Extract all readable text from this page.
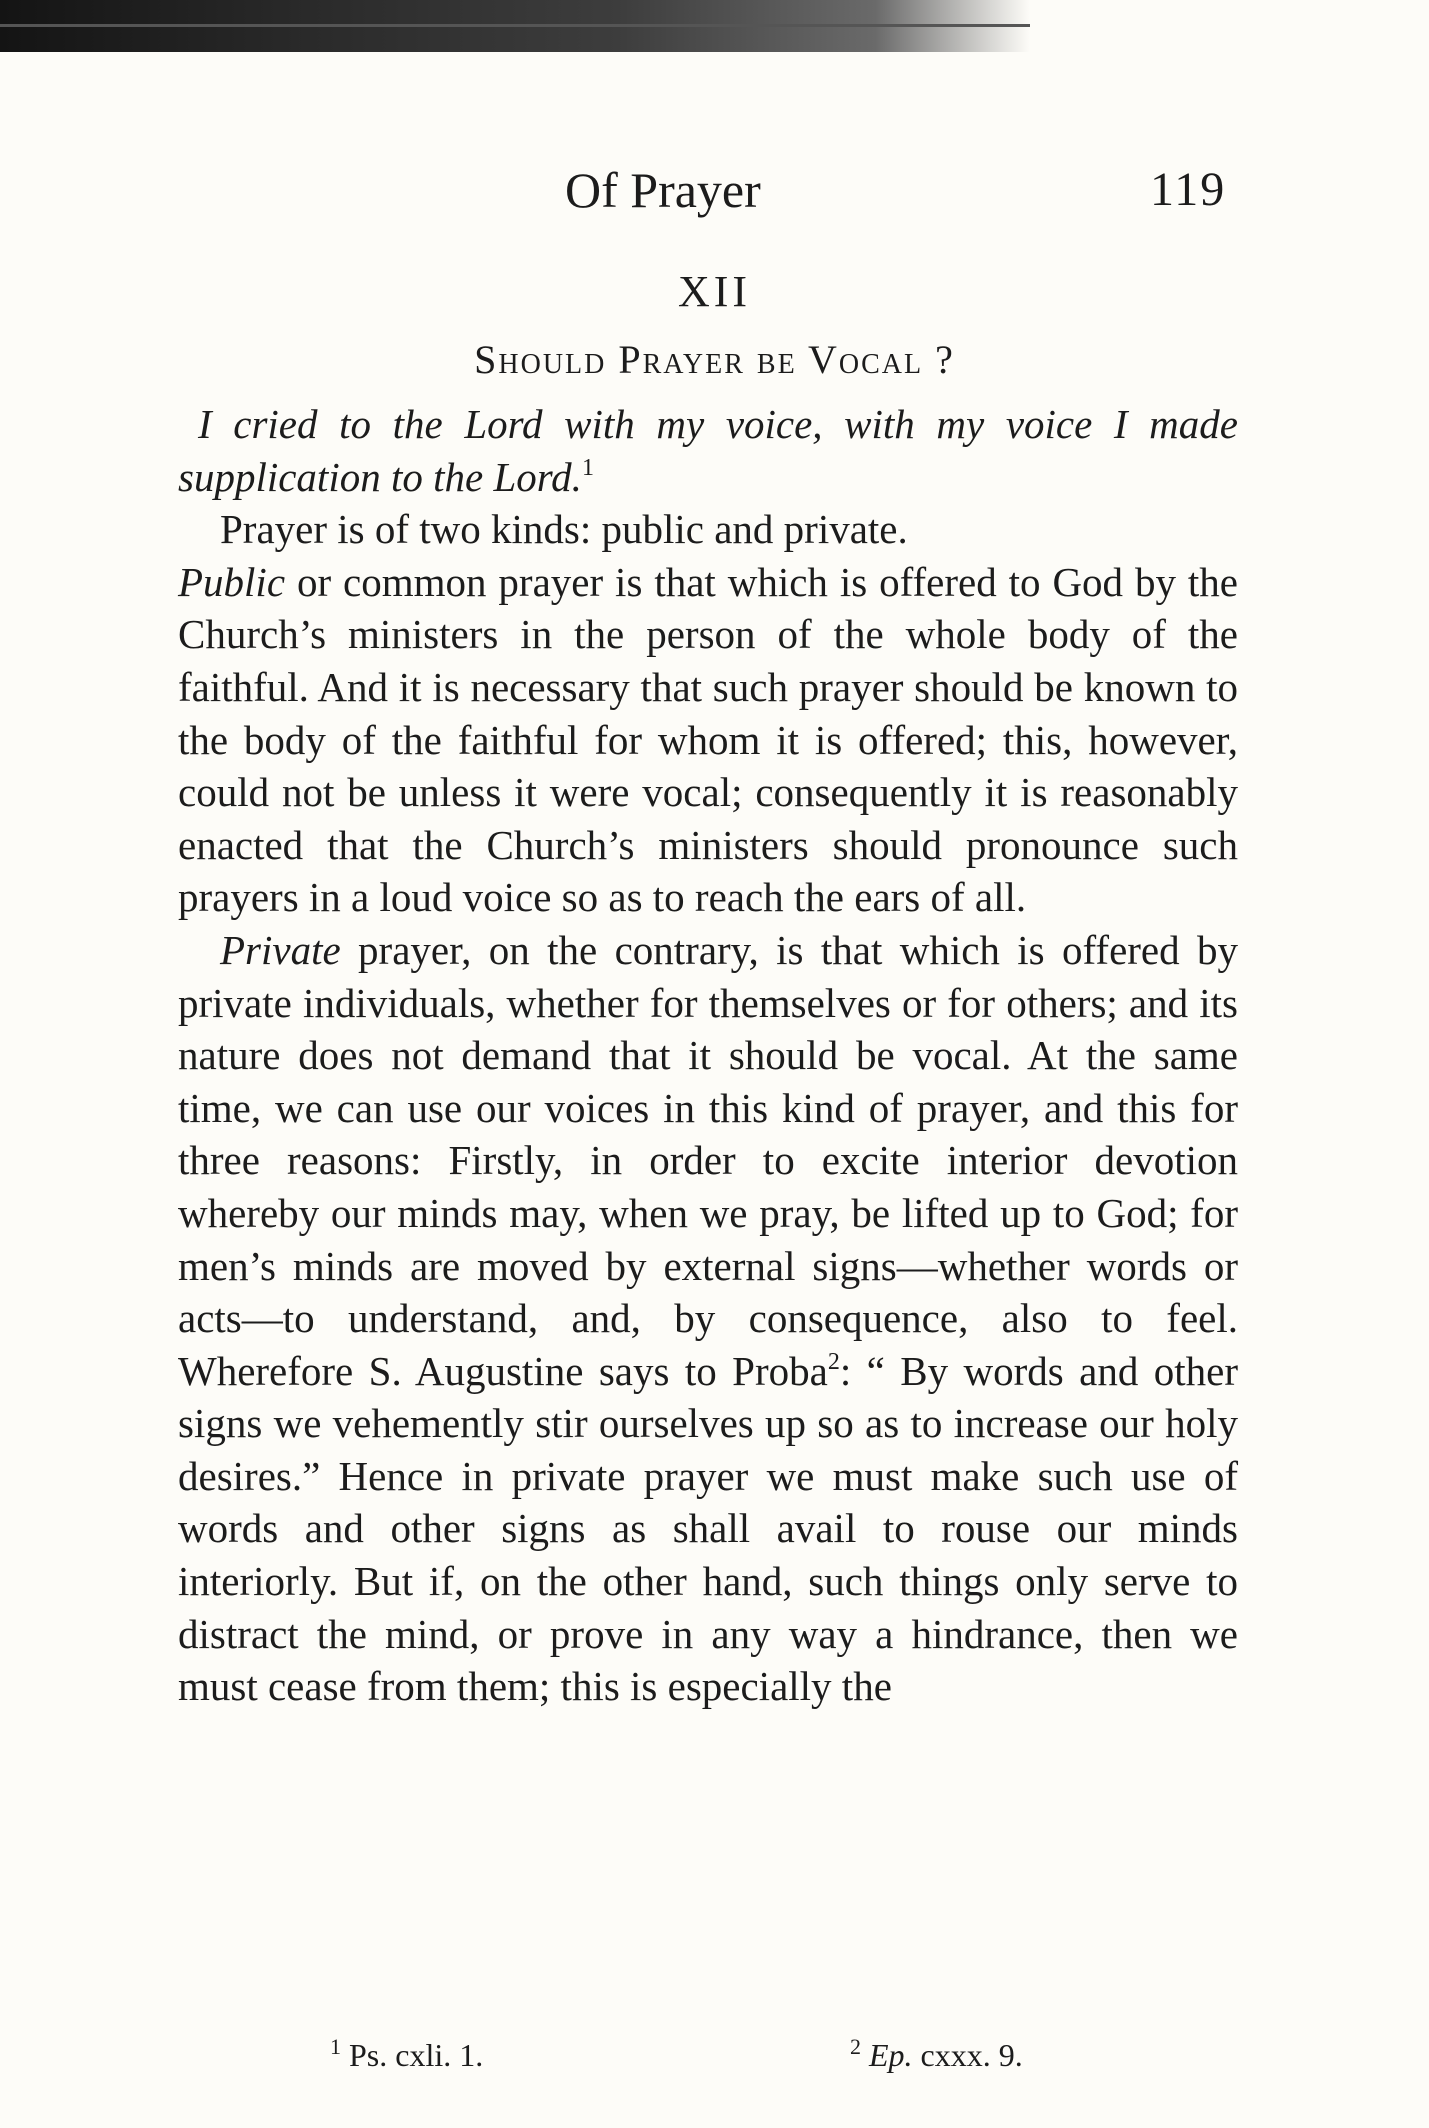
Of Prayer	119
XII
Should Prayer be Vocal ?

I cried to the Lord with my voice, with my voice I made supplication to the Lord.$^1$

Prayer is of two kinds: public and private.
Public or common prayer is that which is offered to God by the Church’s ministers in the person of the whole body of the faithful. And it is necessary that such prayer should be known to the body of the faithful for whom it is offered; this, however, could not be unless it were vocal; consequently it is reasonably enacted that the Church’s ministers should pronounce such prayers in a loud voice so as to reach the ears of all.

Private prayer, on the contrary, is that which is offered by private individuals, whether for themselves or for others; and its nature does not demand that it should be vocal. At the same time, we can use our voices in this kind of prayer, and this for three reasons: Firstly, in order to excite interior devotion whereby our minds may, when we pray, be lifted up to God; for men’s minds are moved by external signs—whether words or acts—to understand, and, by consequence, also to feel. Wherefore S. Augustine says to Proba$^2$: “ By words and other signs we vehemently stir ourselves up so as to increase our holy desires.” Hence in private prayer we must make such use of words and other signs as shall avail to rouse our minds interiorly. But if, on the other hand, such things only serve to distract the mind, or prove in any way a hindrance, then we must cease from them; this is especially the

$^1$ Ps. cxli. 1.	$^2$ Ep. cxxx. 9.
